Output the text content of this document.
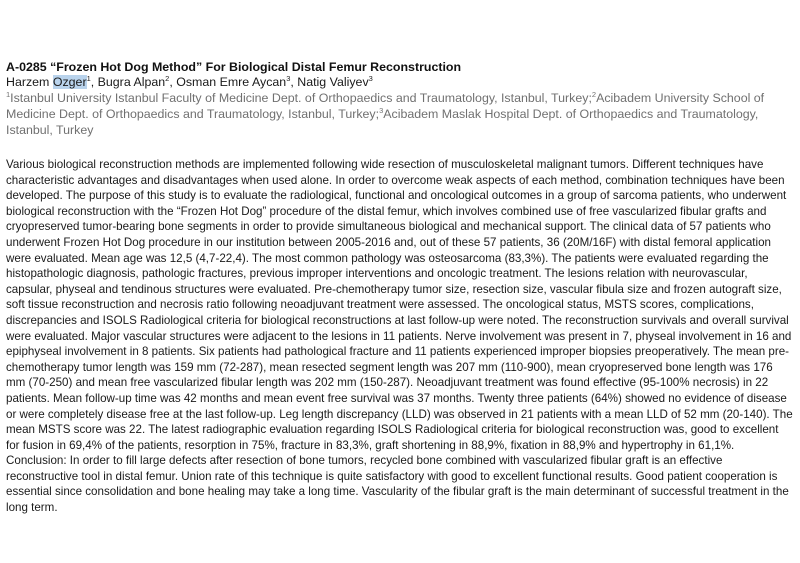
A-0285 “Frozen Hot Dog Method” For Biological Distal Femur Reconstruction
Harzem Ozger$^1$, Bugra Alpan$^2$, Osman Emre Aycan$^3$, Natig Valiyev$^3$
$^1$Istanbul University Istanbul Faculty of Medicine Dept. of Orthopaedics and Traumatology, Istanbul, Turkey;$^2$Acibadem University School of Medicine Dept. of Orthopaedics and Traumatology, Istanbul, Turkey;$^3$Acibadem Maslak Hospital Dept. of Orthopaedics and Traumatology, Istanbul, Turkey
Various biological reconstruction methods are implemented following wide resection of musculoskeletal malignant tumors. Different techniques have characteristic advantages and disadvantages when used alone. In order to overcome weak aspects of each method, combination techniques have been developed. The purpose of this study is to evaluate the radiological, functional and oncological outcomes in a group of sarcoma patients, who underwent biological reconstruction with the “Frozen Hot Dog” procedure of the distal femur, which involves combined use of free vascularized fibular grafts and cryopreserved tumor-bearing bone segments in order to provide simultaneous biological and mechanical support. The clinical data of 57 patients who underwent Frozen Hot Dog procedure in our institution between 2005-2016 and, out of these 57 patients, 36 (20M/16F) with distal femoral application were evaluated. Mean age was 12,5 (4,7-22,4). The most common pathology was osteosarcoma (83,3%). The patients were evaluated regarding the histopathologic diagnosis, pathologic fractures, previous improper interventions and oncologic treatment. The lesions relation with neurovascular, capsular, physeal and tendinous structures were evaluated. Pre-chemotherapy tumor size, resection size, vascular fibula size and frozen autograft size, soft tissue reconstruction and necrosis ratio following neoadjuvant treatment were assessed. The oncological status, MSTS scores, complications, discrepancies and ISOLS Radiological criteria for biological reconstructions at last follow-up were noted. The reconstruction survivals and overall survival were evaluated. Major vascular structures were adjacent to the lesions in 11 patients. Nerve involvement was present in 7, physeal involvement in 16 and epiphyseal involvement in 8 patients. Six patients had pathological fracture and 11 patients experienced improper biopsies preoperatively. The mean pre-chemotherapy tumor length was 159 mm (72-287), mean resected segment length was 207 mm (110-900), mean cryopreserved bone length was 176 mm (70-250) and mean free vascularized fibular length was 202 mm (150-287). Neoadjuvant treatment was found effective (95-100% necrosis) in 22 patients. Mean follow-up time was 42 months and mean event free survival was 37 months. Twenty three patients (64%) showed no evidence of disease or were completely disease free at the last follow-up. Leg length discrepancy (LLD) was observed in 21 patients with a mean LLD of 52 mm (20-140). The mean MSTS score was 22. The latest radiographic evaluation regarding ISOLS Radiological criteria for biological reconstruction was, good to excellent for fusion in 69,4% of the patients, resorption in 75%, fracture in 83,3%, graft shortening in 88,9%, fixation in 88,9% and hypertrophy in 61,1%. Conclusion: In order to fill large defects after resection of bone tumors, recycled bone combined with vascularized fibular graft is an effective reconstructive tool in distal femur. Union rate of this technique is quite satisfactory with good to excellent functional results. Good patient cooperation is essential since consolidation and bone healing may take a long time. Vascularity of the fibular graft is the main determinant of successful treatment in the long term.
